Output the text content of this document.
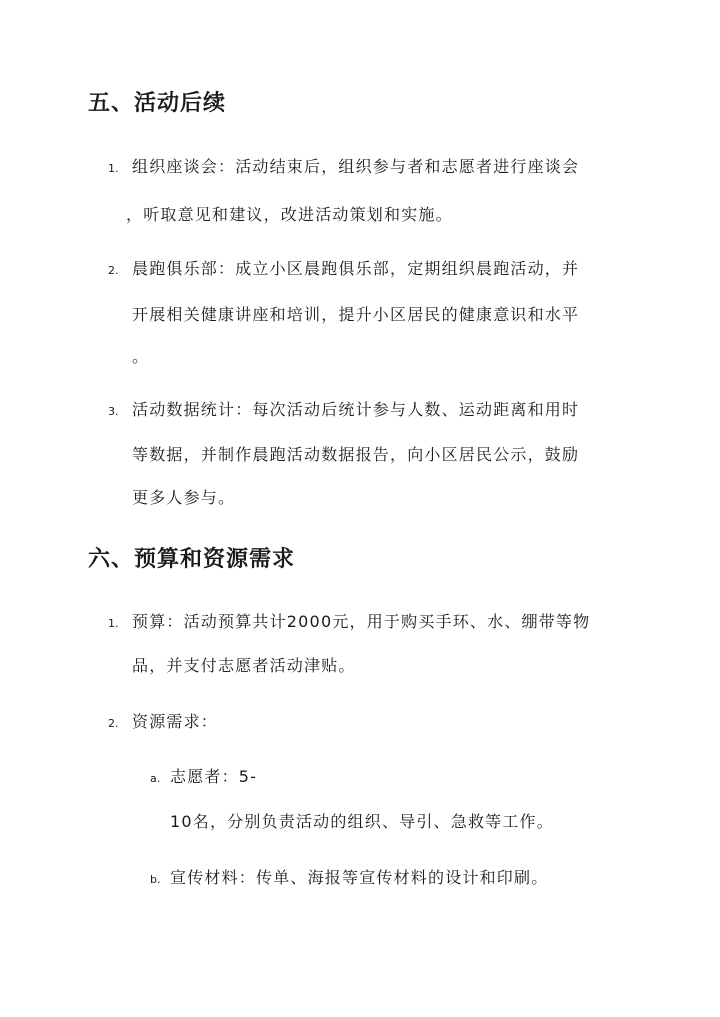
五、活动后续
1. 组织座谈会：活动结束后，组织参与者和志愿者进行座谈会
，听取意见和建议，改进活动策划和实施。
2. 晨跑俱乐部：成立小区晨跑俱乐部，定期组织晨跑活动，并
开展相关健康讲座和培训，提升小区居民的健康意识和水平
。
3. 活动数据统计：每次活动后统计参与人数、运动距离和用时
等数据，并制作晨跑活动数据报告，向小区居民公示，鼓励
更多人参与。
六、预算和资源需求
1. 预算：活动预算共计2000元，用于购买手环、水、绷带等物
品，并支付志愿者活动津贴。
2. 资源需求：
a. 志愿者：5-
10名，分别负责活动的组织、导引、急救等工作。
b. 宣传材料：传单、海报等宣传材料的设计和印刷。
